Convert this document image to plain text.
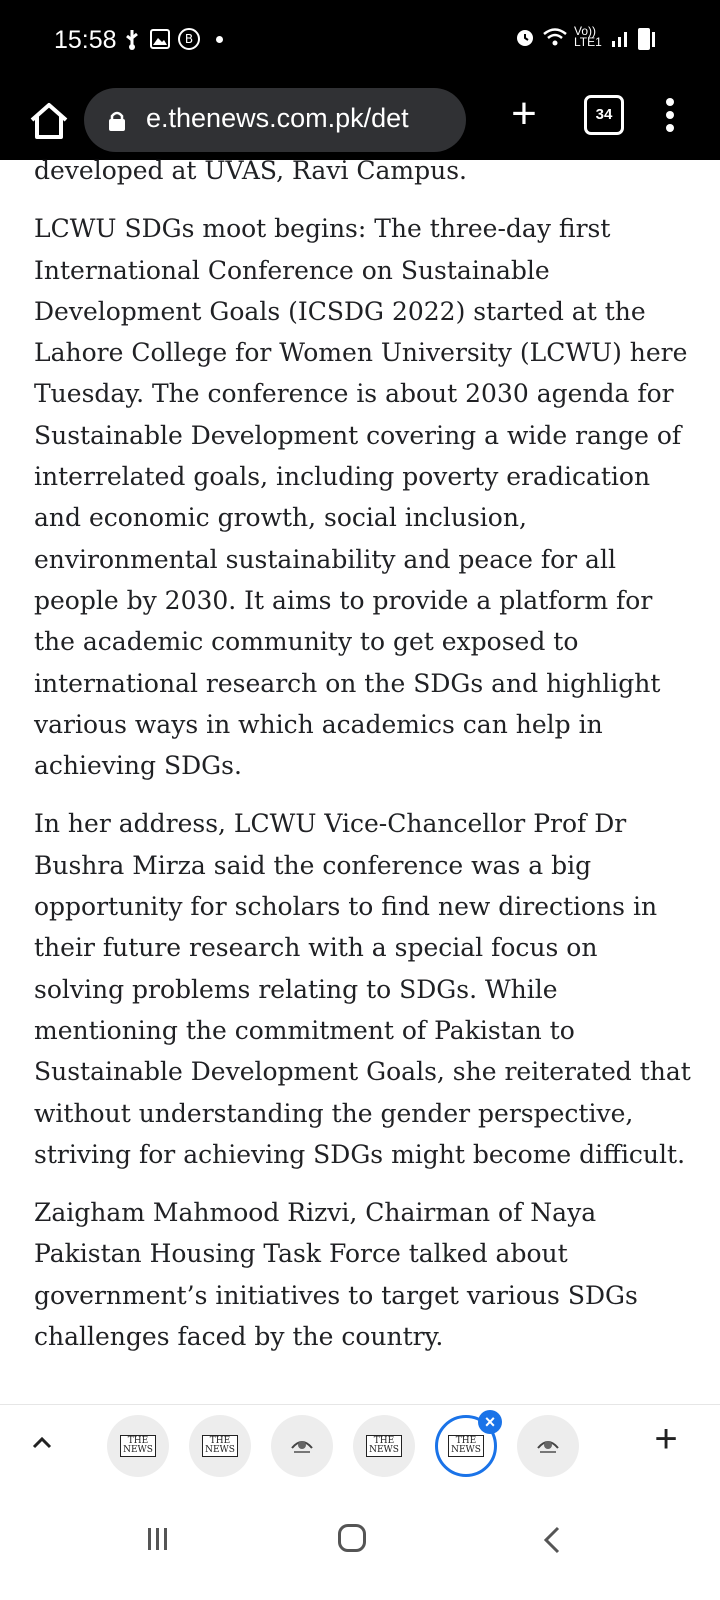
15:58	B
Vo)) LTE1
e.thenews.com.pk/det	+	34

developed at UVAS, Ravi Campus.

LCWU SDGs moot begins: The three-day first International Conference on Sustainable Development Goals (ICSDG 2022) started at the Lahore College for Women University (LCWU) here Tuesday. The conference is about 2030 agenda for Sustainable Development covering a wide range of interrelated goals, including poverty eradication and economic growth, social inclusion, environmental sustainability and peace for all people by 2030. It aims to provide a platform for the academic community to get exposed to international research on the SDGs and highlight various ways in which academics can help in achieving SDGs.

In her address, LCWU Vice-Chancellor Prof Dr Bushra Mirza said the conference was a big opportunity for scholars to find new directions in their future research with a special focus on solving problems relating to SDGs. While mentioning the commitment of Pakistan to Sustainable Development Goals, she reiterated that without understanding the gender perspective, striving for achieving SDGs might become difficult.

Zaigham Mahmood Rizvi, Chairman of Naya Pakistan Housing Task Force talked about government’s initiatives to target various SDGs challenges faced by the country.

THE
NEWS
THE
NEWS
THE
NEWS
THE
NEWS	+
×
